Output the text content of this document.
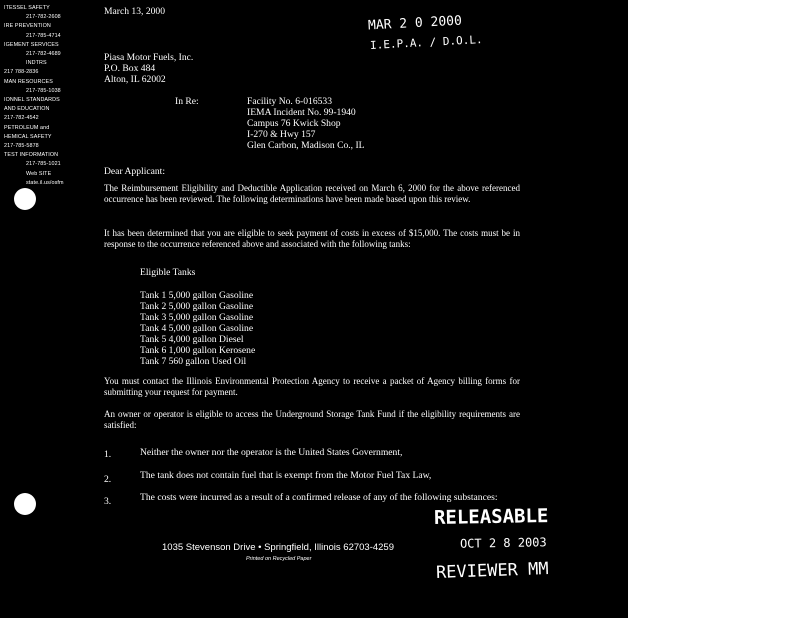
ITESSEL SAFETY
217-782-2608
IRE PREVENTION
217-785-4714
IGEMENT SERVICES
217-782-4689
INDTRS
217 788-2836
MAN RESOURCES
217-785-1038
IONNEL STANDARDS
AND EDUCATION
217-782-4542
PETROLEUM and
HEMICAL SAFETY
217-785-5878
TEST INFORMATION
217-785-1021
Web SITE
state.il.us/osfm
MAR 2 0 2000
I.E.P.A. / D.O.L.
March 13, 2000
Piasa Motor Fuels, Inc.
P.O. Box 484
Alton, IL 62002
In Re:	Facility No. 6-016533
IEMA Incident No. 99-1940
Campus 76 Kwick Shop
I-270 & Hwy 157
Glen Carbon, Madison Co., IL
Dear Applicant:
The Reimbursement Eligibility and Deductible Application received on March 6, 2000 for the above referenced occurrence has been reviewed. The following determinations have been made based upon this review.
It has been determined that you are eligible to seek payment of costs in excess of $15,000. The costs must be in response to the occurrence referenced above and associated with the following tanks:
Eligible Tanks
Tank 1 5,000 gallon Gasoline
Tank 2 5,000 gallon Gasoline
Tank 3 5,000 gallon Gasoline
Tank 4 5,000 gallon Gasoline
Tank 5 4,000 gallon Diesel
Tank 6 1,000 gallon Kerosene
Tank 7 560 gallon Used Oil
You must contact the Illinois Environmental Protection Agency to receive a packet of Agency billing forms for submitting your request for payment.
An owner or operator is eligible to access the Underground Storage Tank Fund if the eligibility requirements are satisfied:
1.	Neither the owner nor the operator is the United States Government,
2.	The tank does not contain fuel that is exempt from the Motor Fuel Tax Law,
3.	The costs were incurred as a result of a confirmed release of any of the following substances:
RELEASABLE
OCT 2 8 2003
REVIEWER MM
1035 Stevenson Drive • Springfield, Illinois 62703-4259
Printed on Recycled Paper
